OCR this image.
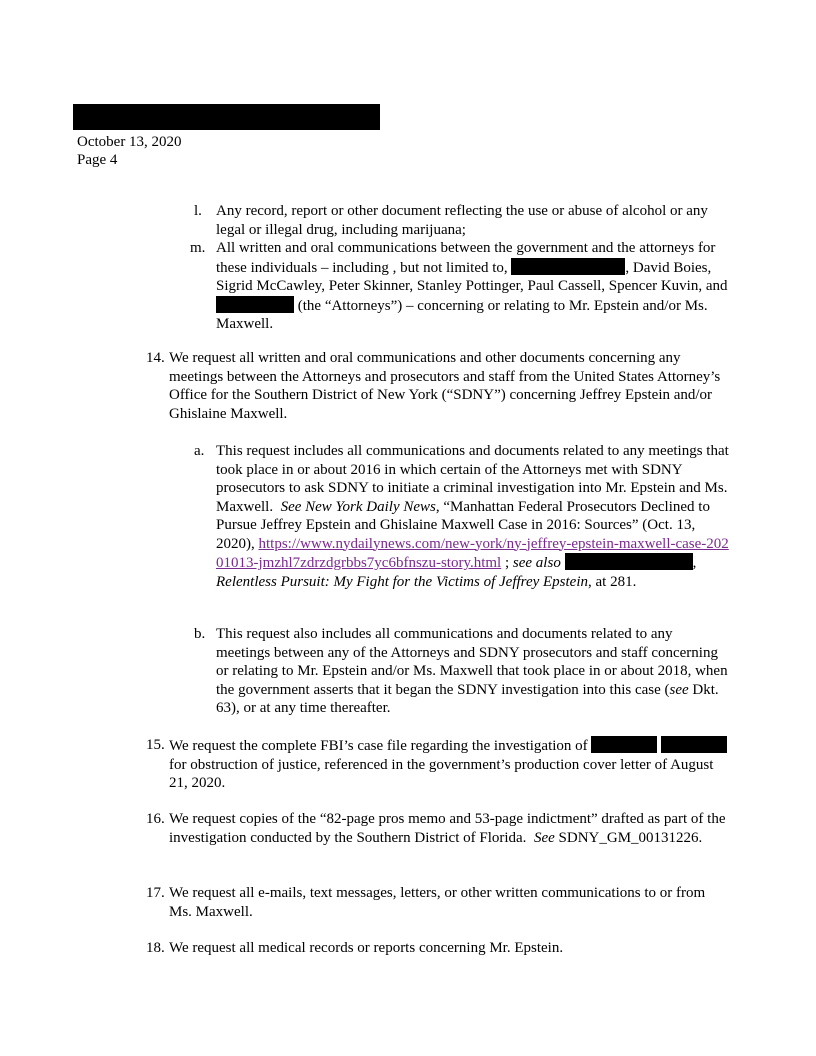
October 13, 2020
Page 4
l. Any record, report or other document reflecting the use or abuse of alcohol or any legal or illegal drug, including marijuana;
m. All written and oral communications between the government and the attorneys for these individuals – including , but not limited to,	, David Boies, Sigrid McCawley, Peter Skinner, Stanley Pottinger, Paul Cassell, Spencer Kuvin, and  (the “Attorneys”) – concerning or relating to Mr. Epstein and/or Ms. Maxwell.
14. We request all written and oral communications and other documents concerning any meetings between the Attorneys and prosecutors and staff from the United States Attorney’s Office for the Southern District of New York (“SDNY”) concerning Jeffrey Epstein and/or Ghislaine Maxwell.
a. This request includes all communications and documents related to any meetings that took place in or about 2016 in which certain of the Attorneys met with SDNY prosecutors to ask SDNY to initiate a criminal investigation into Mr. Epstein and Ms. Maxwell. See New York Daily News, “Manhattan Federal Prosecutors Declined to Pursue Jeffrey Epstein and Ghislaine Maxwell Case in 2016: Sources” (Oct. 13, 2020), https://www.nydailynews.com/new-york/ny-jeffrey-epstein-maxwell-case-20201013-jmzhl7zdrzdgrbbs7yc6bfnszu-story.html ; see also	, Relentless Pursuit: My Fight for the Victims of Jeffrey Epstein, at 281.
b. This request also includes all communications and documents related to any meetings between any of the Attorneys and SDNY prosecutors and staff concerning or relating to Mr. Epstein and/or Ms. Maxwell that took place in or about 2018, when the government asserts that it began the SDNY investigation into this case (see Dkt. 63), or at any time thereafter.
15. We request the complete FBI’s case file regarding the investigation of   for obstruction of justice, referenced in the government’s production cover letter of August 21, 2020.
16. We request copies of the “82-page pros memo and 53-page indictment” drafted as part of the investigation conducted by the Southern District of Florida. See SDNY_GM_00131226.
17. We request all e-mails, text messages, letters, or other written communications to or from Ms. Maxwell.
18. We request all medical records or reports concerning Mr. Epstein.
